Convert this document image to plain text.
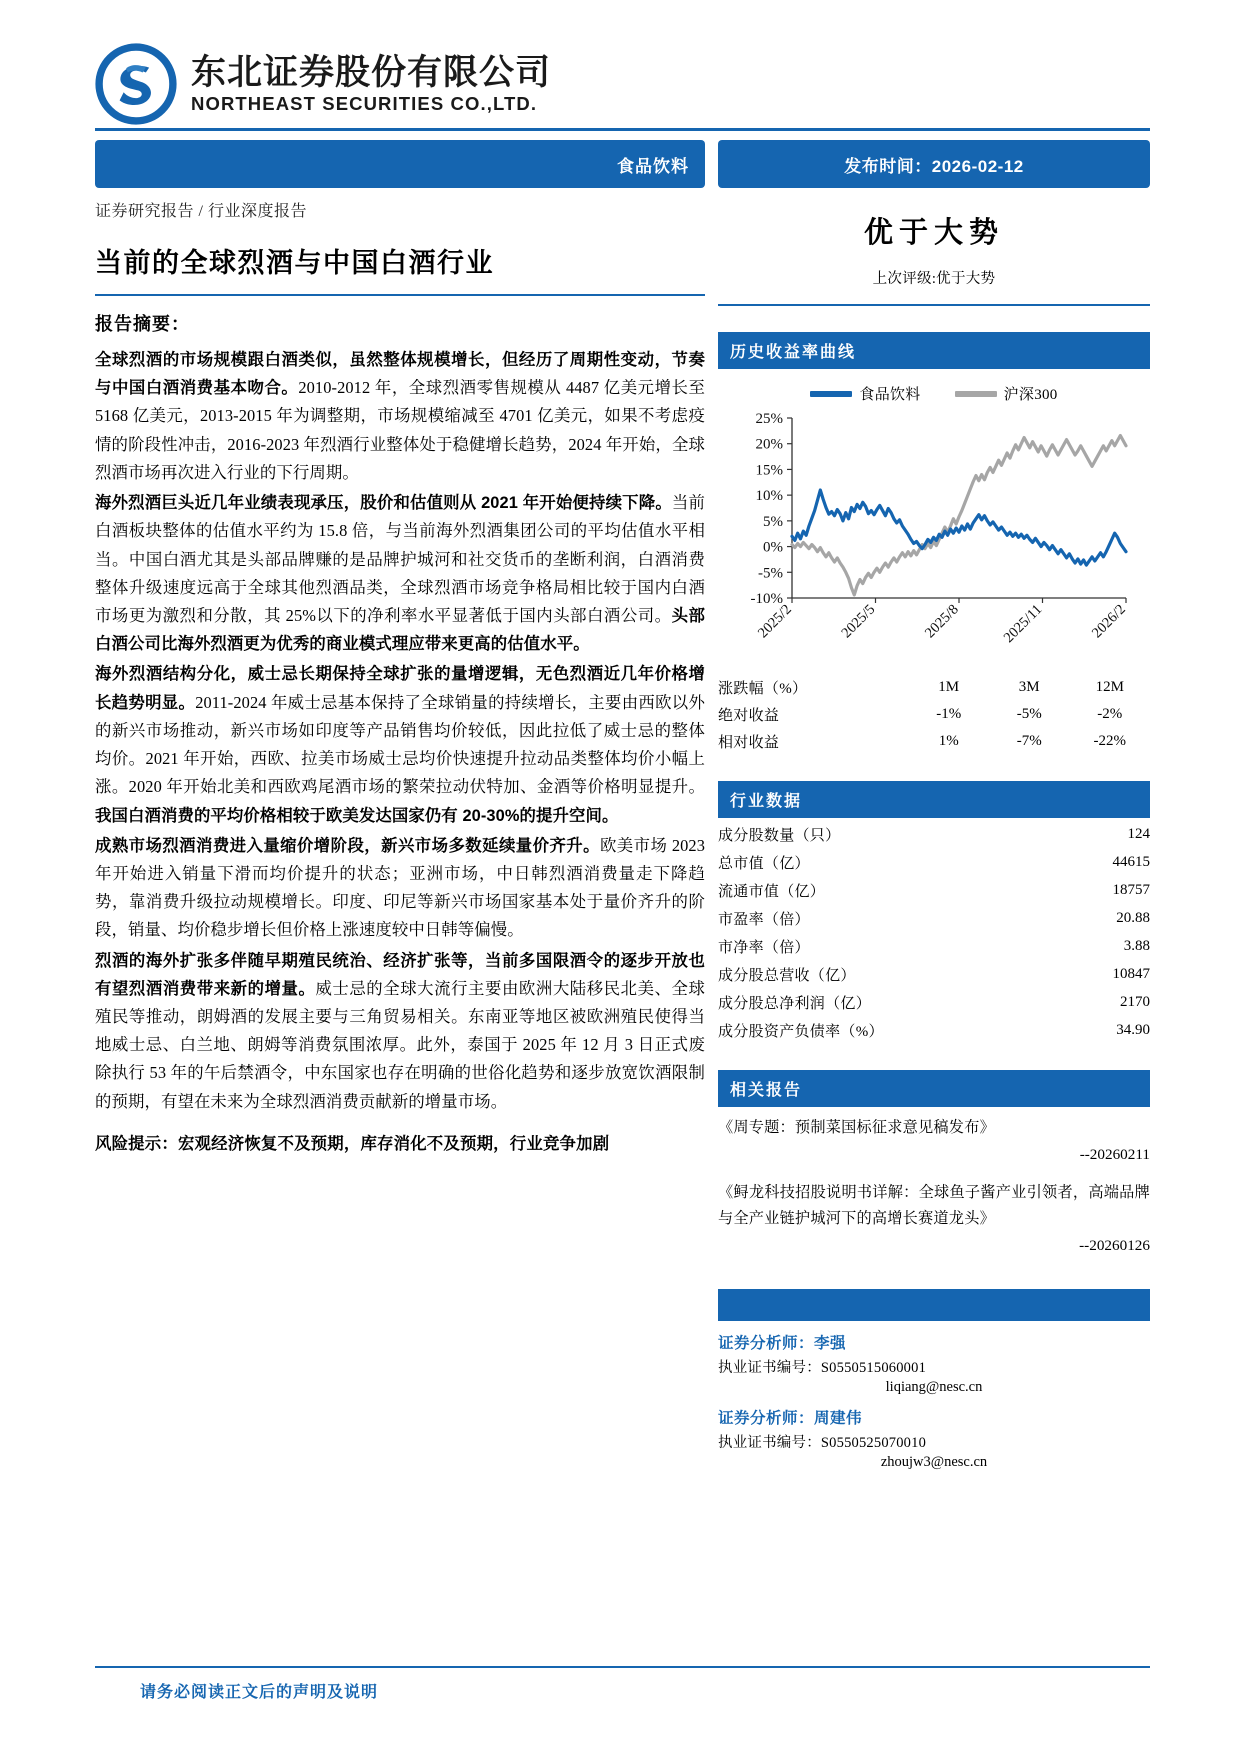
东北证券股份有限公司
NORTHEAST SECURITIES CO.,LTD.
食品饮料	发布时间：2026-02-12
证券研究报告 / 行业深度报告
当前的全球烈酒与中国白酒行业
报告摘要：

全球烈酒的市场规模跟白酒类似，虽然整体规模增长，但经历了周期性变动，节奏与中国白酒消费基本吻合。2010-2012 年，全球烈酒零售规模从 4487 亿美元增长至 5168 亿美元，2013-2015 年为调整期，市场规模缩减至 4701 亿美元，如果不考虑疫情的阶段性冲击，2016-2023 年烈酒行业整体处于稳健增长趋势，2024 年开始，全球烈酒市场再次进入行业的下行周期。

海外烈酒巨头近几年业绩表现承压，股价和估值则从 2021 年开始便持续下降。当前白酒板块整体的估值水平约为 15.8 倍，与当前海外烈酒集团公司的平均估值水平相当。中国白酒尤其是头部品牌赚的是品牌护城河和社交货币的垄断利润，白酒消费整体升级速度远高于全球其他烈酒品类，全球烈酒市场竞争格局相比较于国内白酒市场更为激烈和分散，其 25%以下的净利率水平显著低于国内头部白酒公司。头部白酒公司比海外烈酒更为优秀的商业模式理应带来更高的估值水平。

海外烈酒结构分化，威士忌长期保持全球扩张的量增逻辑，无色烈酒近几年价格增长趋势明显。2011-2024 年威士忌基本保持了全球销量的持续增长，主要由西欧以外的新兴市场推动，新兴市场如印度等产品销售均价较低，因此拉低了威士忌的整体均价。2021 年开始，西欧、拉美市场威士忌均价快速提升拉动品类整体均价小幅上涨。2020 年开始北美和西欧鸡尾酒市场的繁荣拉动伏特加、金酒等价格明显提升。我国白酒消费的平均价格相较于欧美发达国家仍有 20-30%的提升空间。

成熟市场烈酒消费进入量缩价增阶段，新兴市场多数延续量价齐升。欧美市场 2023 年开始进入销量下滑而均价提升的状态；亚洲市场，中日韩烈酒消费量走下降趋势，靠消费升级拉动规模增长。印度、印尼等新兴市场国家基本处于量价齐升的阶段，销量、均价稳步增长但价格上涨速度较中日韩等偏慢。

烈酒的海外扩张多伴随早期殖民统治、经济扩张等，当前多国限酒令的逐步开放也有望烈酒消费带来新的增量。威士忌的全球大流行主要由欧洲大陆移民北美、全球殖民等推动，朗姆酒的发展主要与三角贸易相关。东南亚等地区被欧洲殖民使得当地威士忌、白兰地、朗姆等消费氛围浓厚。此外，泰国于 2025 年 12 月 3 日正式废除执行 53 年的午后禁酒令，中东国家也存在明确的世俗化趋势和逐步放宽饮酒限制的预期，有望在未来为全球烈酒消费贡献新的增量市场。

风险提示：宏观经济恢复不及预期，库存消化不及预期，行业竞争加剧
优于大势
上次评级:优于大势
历史收益率曲线
食品饮料	沪深300
25%
20%
15%
10%
5%
0%
-5%
-10%
2025/2	2025/5	2025/8	2025/11	2026/2
涨跌幅（%）	1M	3M	12M
绝对收益	-1%	-5%	-2%
相对收益	1%	-7%	-22%
行业数据
成分股数量（只）	124
总市值（亿）	44615
流通市值（亿）	18757
市盈率（倍）	20.88
市净率（倍）	3.88
成分股总营收（亿）	10847
成分股总净利润（亿）	2170
成分股资产负债率（%）	34.90
相关报告
《周专题：预制菜国标征求意见稿发布》
--20260211
《鲟龙科技招股说明书详解：全球鱼子酱产业引领者，高端品牌与全产业链护城河下的高增长赛道龙头》
--20260126
证券分析师：李强
执业证书编号：S0550515060001
liqiang@nesc.cn
证券分析师：周建伟
执业证书编号：S0550525070010
zhoujw3@nesc.cn
请务必阅读正文后的声明及说明
